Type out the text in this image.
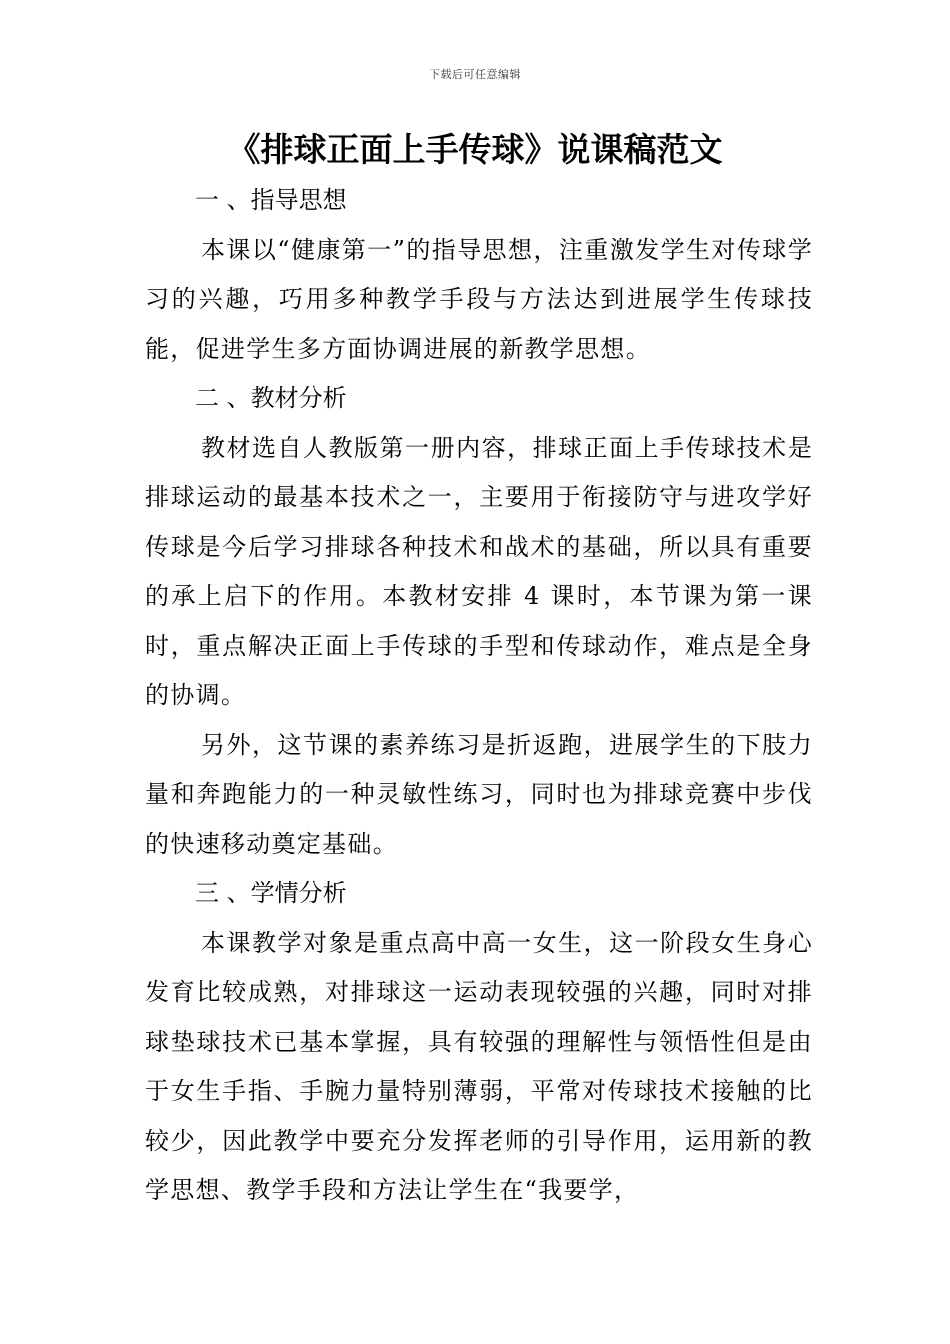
下载后可任意编辑
《排球正面上手传球》说课稿范文
一 、指导思想

本课以“健康第一”的指导思想，注重激发学生对传球学习的兴趣，巧用多种教学手段与方法达到进展学生传球技能，促进学生多方面协调进展的新教学思想。

二 、教材分析

教材选自人教版第一册内容，排球正面上手传球技术是排球运动的最基本技术之一，主要用于衔接防守与进攻学好传球是今后学习排球各种技术和战术的基础，所以具有重要的承上启下的作用。本教材安排 4 课时，本节课为第一课时，重点解决正面上手传球的手型和传球动作，难点是全身的协调。

另外，这节课的素养练习是折返跑，进展学生的下肢力量和奔跑能力的一种灵敏性练习，同时也为排球竞赛中步伐的快速移动奠定基础。

三 、学情分析

本课教学对象是重点高中高一女生，这一阶段女生身心发育比较成熟，对排球这一运动表现较强的兴趣，同时对排球垫球技术已基本掌握，具有较强的理解性与领悟性但是由于女生手指、手腕力量特别薄弱，平常对传球技术接触的比较少，因此教学中要充分发挥老师的引导作用，运用新的教学思想、教学手段和方法让学生在“我要学，
